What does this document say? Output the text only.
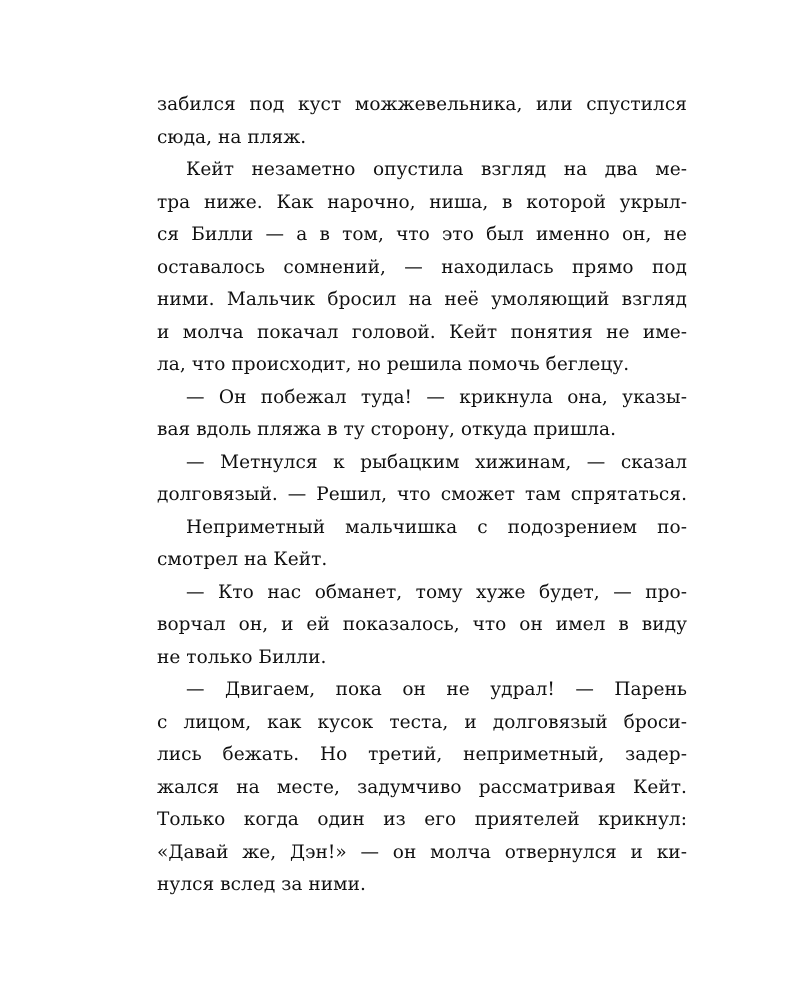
забился под куст можжевельника, или спустился
сюда, на пляж.
Кейт незаметно опустила взгляд на два ме-
тра ниже. Как нарочно, ниша, в которой укрыл-
ся Билли — а в том, что это был именно он, не
оставалось сомнений, — находилась прямо под
ними. Мальчик бросил на неё умоляющий взгляд
и молча покачал головой. Кейт понятия не име-
ла, что происходит, но решила помочь беглецу.
— Он побежал туда! — крикнула она, указы-
вая вдоль пляжа в ту сторону, откуда пришла.
— Метнулся к рыбацким хижинам, — сказал
долговязый. — Решил, что сможет там спрятаться.
Неприметный мальчишка с подозрением по-
смотрел на Кейт.
— Кто нас обманет, тому хуже будет, — про-
ворчал он, и ей показалось, что он имел в виду
не только Билли.
— Двигаем, пока он не удрал! — Парень
с лицом, как кусок теста, и долговязый броси-
лись бежать. Но третий, неприметный, задер-
жался на месте, задумчиво рассматривая Кейт.
Только когда один из его приятелей крикнул:
«Давай же, Дэн!» — он молча отвернулся и ки-
нулся вслед за ними.
